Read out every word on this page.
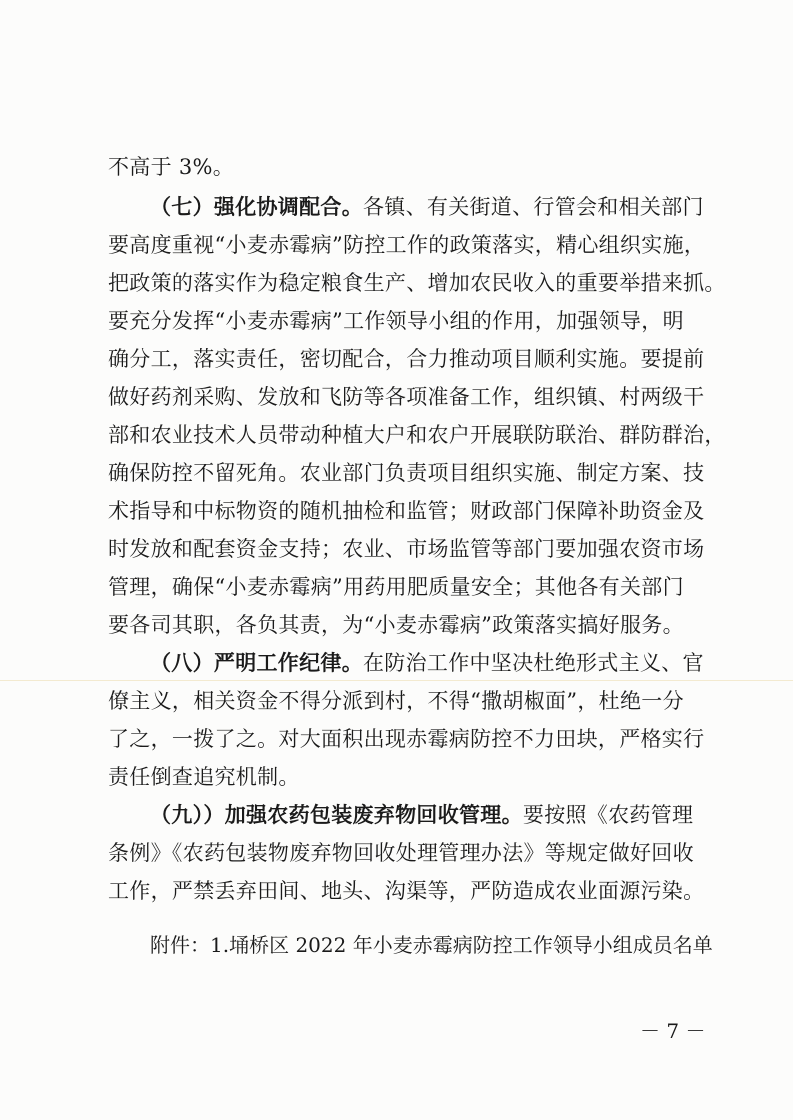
不高于 3%。
（七）强化协调配合。各镇、有关街道、行管会和相关部门
要高度重视“小麦赤霉病”防控工作的政策落实，精心组织实施，
把政策的落实作为稳定粮食生产、增加农民收入的重要举措来抓。
要充分发挥“小麦赤霉病”工作领导小组的作用，加强领导，明
确分工，落实责任，密切配合，合力推动项目顺利实施。要提前
做好药剂采购、发放和飞防等各项准备工作，组织镇、村两级干
部和农业技术人员带动种植大户和农户开展联防联治、群防群治，
确保防控不留死角。农业部门负责项目组织实施、制定方案、技
术指导和中标物资的随机抽检和监管；财政部门保障补助资金及
时发放和配套资金支持；农业、市场监管等部门要加强农资市场
管理，确保“小麦赤霉病”用药用肥质量安全；其他各有关部门
要各司其职，各负其责，为“小麦赤霉病”政策落实搞好服务。
（八）严明工作纪律。在防治工作中坚决杜绝形式主义、官
僚主义，相关资金不得分派到村，不得“撒胡椒面”，杜绝一分
了之，一拨了之。对大面积出现赤霉病防控不力田块，严格实行
责任倒查追究机制。
（九））加强农药包装废弃物回收管理。要按照《农药管理
条例》《农药包装物废弃物回收处理管理办法》等规定做好回收
工作，严禁丢弃田间、地头、沟渠等，严防造成农业面源污染。
附件：1.埇桥区 2022 年小麦赤霉病防控工作领导小组成员名单
－ 7 －
